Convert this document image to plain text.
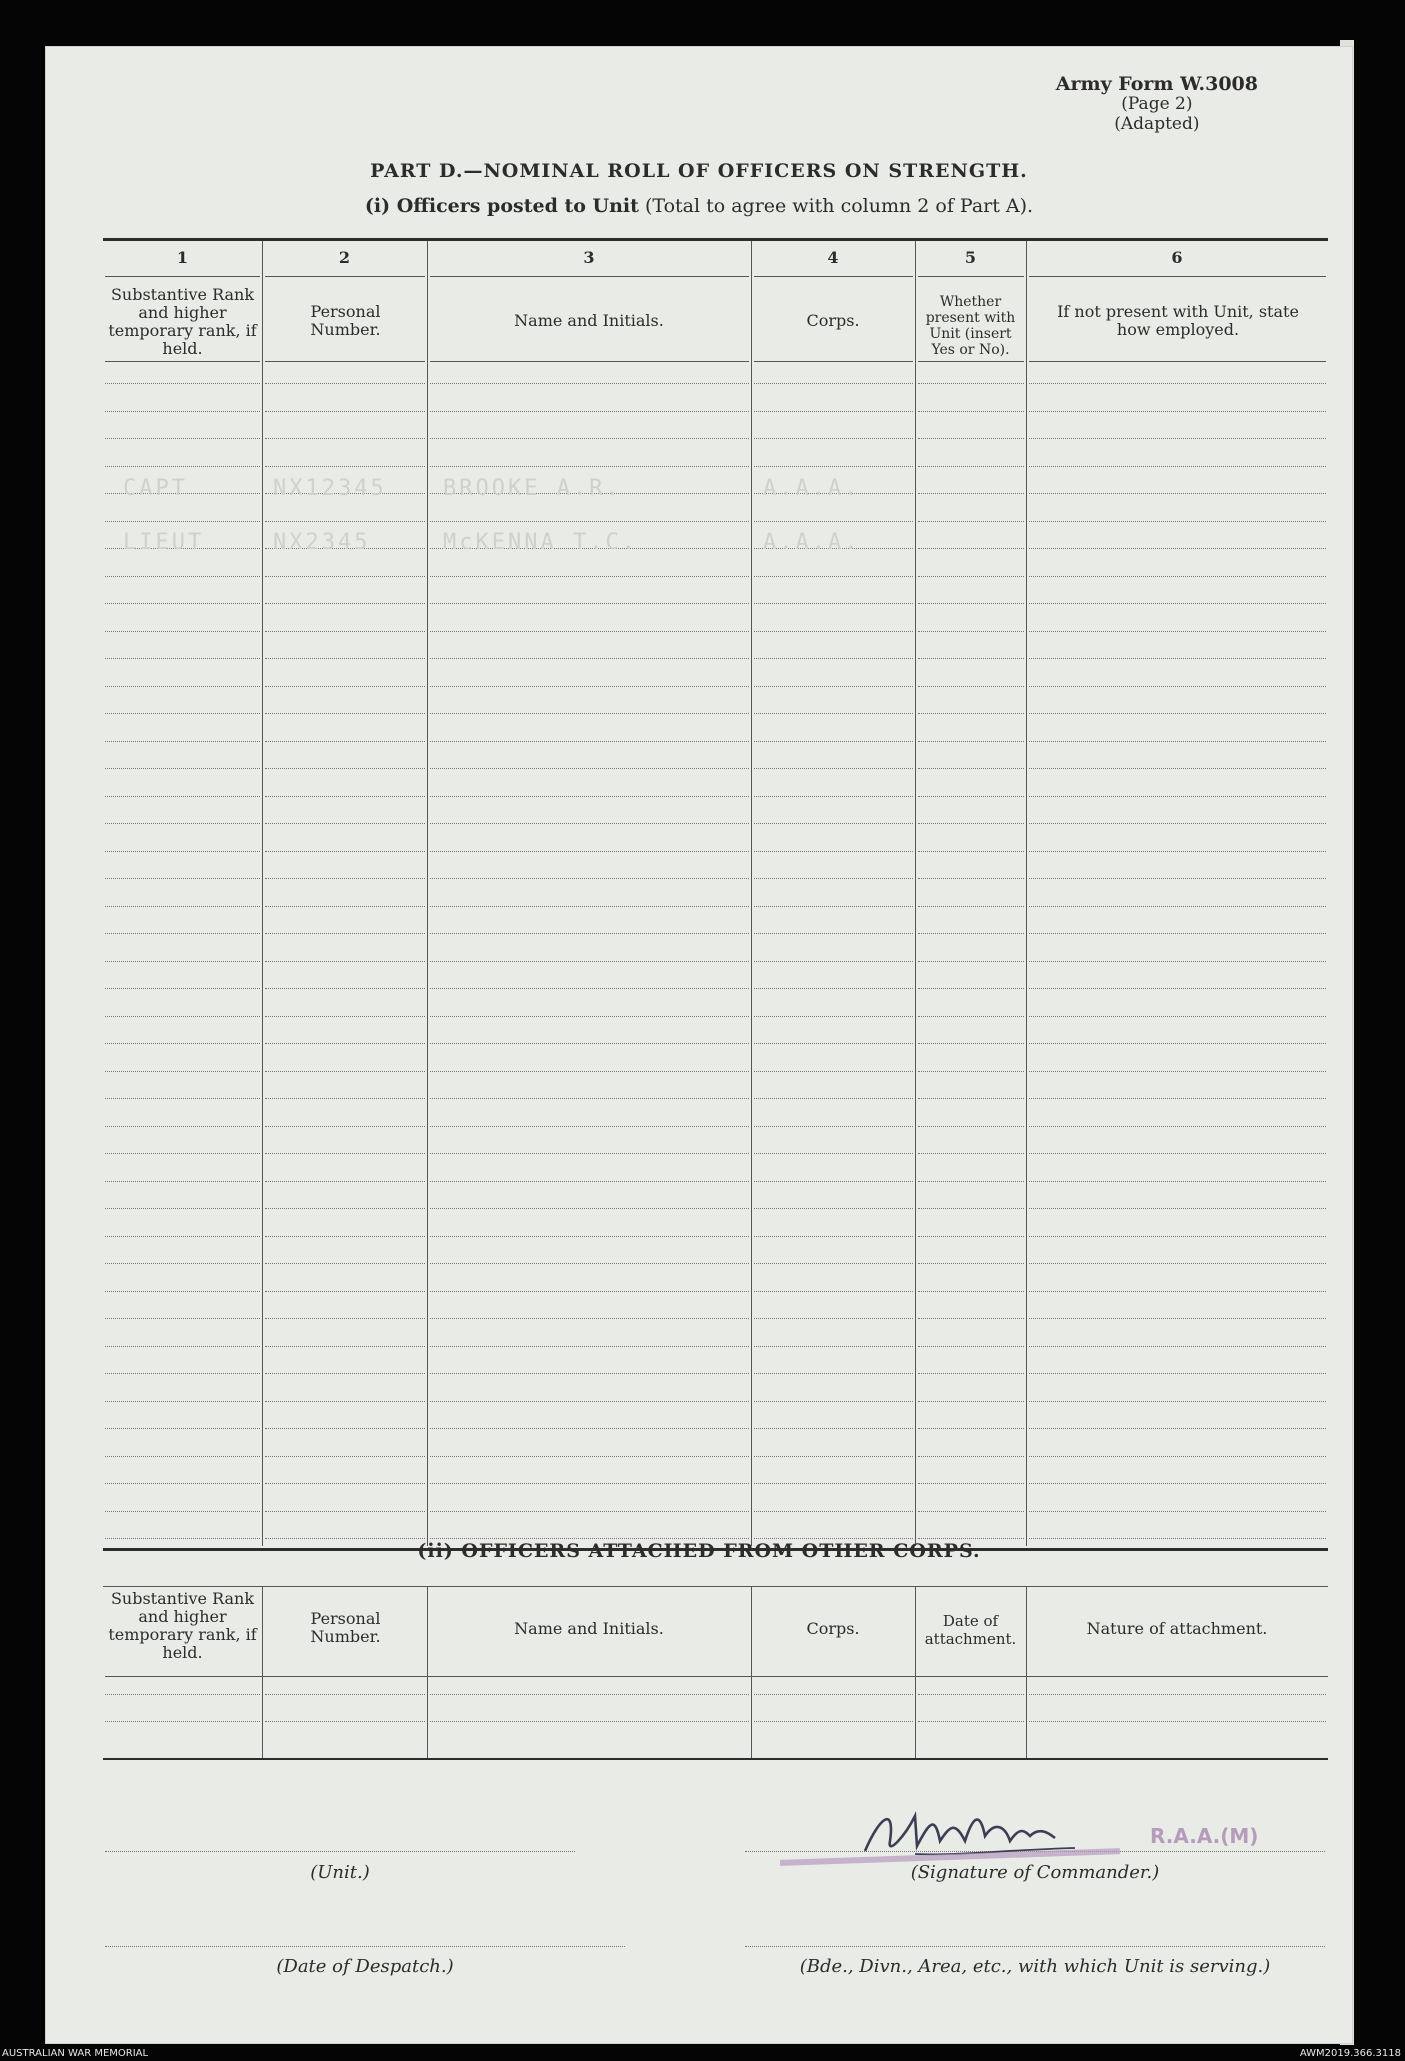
Army Form W.3008
(Page 2)
(Adapted)
PART D.—NOMINAL ROLL OF OFFICERS ON STRENGTH.
(i) Officers posted to Unit (Total to agree with column 2 of Part A).
1	2	3	4	5	6
Substantive Rank and higher temporary rank, if held.
Personal Number.	Name and Initials.	Corps.
Whether present with Unit (insert Yes or No).
If not present with Unit, state how employed.
CAPT	NX12345	BROOKE A.R.	A.A.A.
LIEUT	NX2345	McKENNA T.C.	A.A.A.
(ii) OFFICERS ATTACHED FROM OTHER CORPS.
Substantive Rank and higher temporary rank, if held.
Personal Number.	Name and Initials.	Corps.	Date of attachment.
Nature of attachment.
(Unit.)	(Signature of Commander.)
R.A.A.(M)
(Date of Despatch.)	(Bde., Divn., Area, etc., with which Unit is serving.)
AUSTRALIAN WAR MEMORIAL	AWM2019.366.3118
